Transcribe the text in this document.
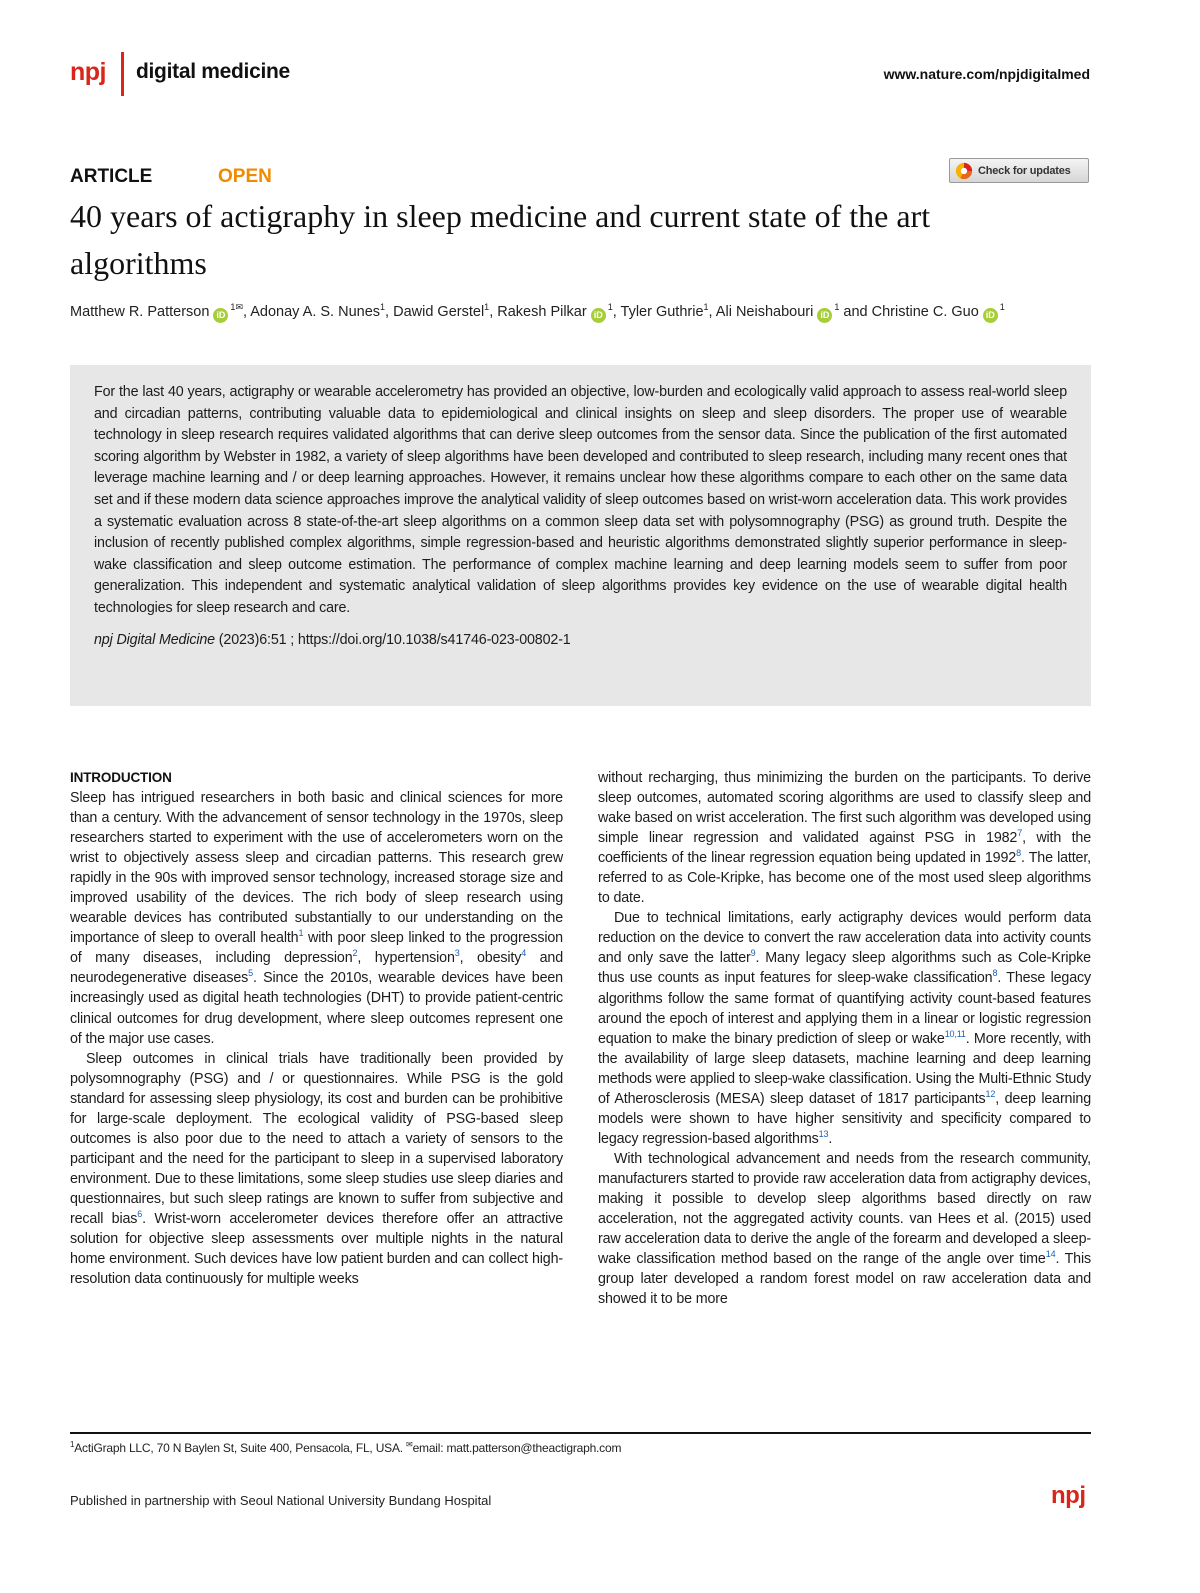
npj digital medicine	www.nature.com/npjdigitalmed
ARTICLE	OPEN	Check for updates
40 years of actigraphy in sleep medicine and current state of the art algorithms
Matthew R. Patterson $iD^{1✉}$, Adonay A. S. Nunes$^1$, Dawid Gerstel$^1$, Rakesh Pilkar $iD^1$, Tyler Guthrie$^1$, Ali Neishabouri $iD^1$ and Christine C. Guo $iD^1$

For the last 40 years, actigraphy or wearable accelerometry has provided an objective, low-burden and ecologically valid approach to assess real-world sleep and circadian patterns, contributing valuable data to epidemiological and clinical insights on sleep and sleep disorders. The proper use of wearable technology in sleep research requires validated algorithms that can derive sleep outcomes from the sensor data. Since the publication of the first automated scoring algorithm by Webster in 1982, a variety of sleep algorithms have been developed and contributed to sleep research, including many recent ones that leverage machine learning and / or deep learning approaches. However, it remains unclear how these algorithms compare to each other on the same data set and if these modern data science approaches improve the analytical validity of sleep outcomes based on wrist-worn acceleration data. This work provides a systematic evaluation across 8 state-of-the-art sleep algorithms on a common sleep data set with polysomnography (PSG) as ground truth. Despite the inclusion of recently published complex algorithms, simple regression-based and heuristic algorithms demonstrated slightly superior performance in sleep-wake classification and sleep outcome estimation. The performance of complex machine learning and deep learning models seem to suffer from poor generalization. This independent and systematic analytical validation of sleep algorithms provides key evidence on the use of wearable digital health technologies for sleep research and care.

npj Digital Medicine (2023)6:51 ; https://doi.org/10.1038/s41746-023-00802-1
INTRODUCTION

Sleep has intrigued researchers in both basic and clinical sciences for more than a century. With the advancement of sensor technology in the 1970s, sleep researchers started to experiment with the use of accelerometers worn on the wrist to objectively assess sleep and circadian patterns. This research grew rapidly in the 90s with improved sensor technology, increased storage size and improved usability of the devices. The rich body of sleep research using wearable devices has contributed substantially to our understanding on the importance of sleep to overall health$^1$ with poor sleep linked to the progression of many diseases, including depression$^2$, hypertension$^3$, obesity$^4$ and neurodegenerative diseases$^5$. Since the 2010s, wearable devices have been increasingly used as digital heath technologies (DHT) to provide patient-centric clinical outcomes for drug development, where sleep outcomes represent one of the major use cases.

Sleep outcomes in clinical trials have traditionally been provided by polysomnography (PSG) and / or questionnaires. While PSG is the gold standard for assessing sleep physiology, its cost and burden can be prohibitive for large-scale deployment. The ecological validity of PSG-based sleep outcomes is also poor due to the need to attach a variety of sensors to the participant and the need for the participant to sleep in a supervised laboratory environment. Due to these limitations, some sleep studies use sleep diaries and questionnaires, but such sleep ratings are known to suffer from subjective and recall bias$^6$. Wrist-worn accelerometer devices therefore offer an attractive solution for objective sleep assessments over multiple nights in the natural home environment. Such devices have low patient burden and can collect high-resolution data continuously for multiple weeks

without recharging, thus minimizing the burden on the participants. To derive sleep outcomes, automated scoring algorithms are used to classify sleep and wake based on wrist acceleration. The first such algorithm was developed using simple linear regression and validated against PSG in 1982$^7$, with the coefficients of the linear regression equation being updated in 1992$^8$. The latter, referred to as Cole-Kripke, has become one of the most used sleep algorithms to date.

Due to technical limitations, early actigraphy devices would perform data reduction on the device to convert the raw acceleration data into activity counts and only save the latter$^9$. Many legacy sleep algorithms such as Cole-Kripke thus use counts as input features for sleep-wake classification$^8$. These legacy algorithms follow the same format of quantifying activity count-based features around the epoch of interest and applying them in a linear or logistic regression equation to make the binary prediction of sleep or wake$^{10,11}$. More recently, with the availability of large sleep datasets, machine learning and deep learning methods were applied to sleep-wake classification. Using the Multi-Ethnic Study of Atherosclerosis (MESA) sleep dataset of 1817 participants$^{12}$, deep learning models were shown to have higher sensitivity and specificity compared to legacy regression-based algorithms$^{13}$.

With technological advancement and needs from the research community, manufacturers started to provide raw acceleration data from actigraphy devices, making it possible to develop sleep algorithms based directly on raw acceleration, not the aggregated activity counts. van Hees et al. (2015) used raw acceleration data to derive the angle of the forearm and developed a sleep-wake classification method based on the range of the angle over time$^{14}$. This group later developed a random forest model on raw acceleration data and showed it to be more

$^1$ActiGraph LLC, 70 N Baylen St, Suite 400, Pensacola, FL, USA. ✉email: matt.patterson@theactigraph.com
Published in partnership with Seoul National University Bundang Hospital	npj
